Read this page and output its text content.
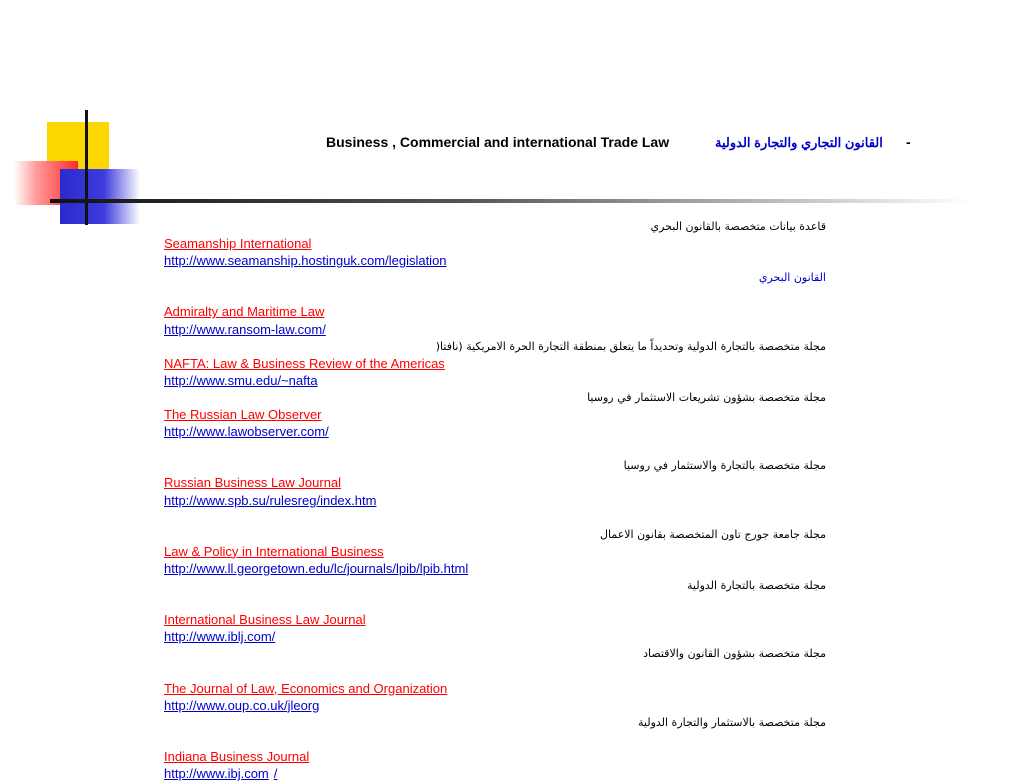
Business , Commercial and international Trade Law	القانون التجاري والتجارة الدولية -
قاعدة بيانات متخصصة بالقانون البحري
Seamanship International
http://www.seamanship.hostinguk.com/legislation
القانون البحري
Admiralty and Maritime Law
http://www.ransom-law.com/
مجلة متخصصة بالتجارة الدولية وتحديداً ما يتعلق بمنطقة التجارة الحرة الامريكية (نافتا(
NAFTA: Law & Business Review of the Americas
http://www.smu.edu/~nafta
مجلة متخصصة بشؤون تشريعات الاستثمار في روسيا
The Russian Law Observer
http://www.lawobserver.com/
مجلة متخصصة بالتجارة والاستثمار في روسيا
Russian Business Law Journal
http://www.spb.su/rulesreg/index.htm
مجلة جامعة جورج تاون المتخصصة بقانون الاعمال
Law & Policy in International Business
http://www.ll.georgetown.edu/lc/journals/lpib/lpib.html
مجلة متخصصة بالتجارة الدولية
International Business Law Journal
http://www.iblj.com/
مجلة متخصصة بشؤون القانون والاقتصاد
The Journal of Law, Economics and Organization
http://www.oup.co.uk/jleorg
مجلة متخصصة بالاستثمار والتجارة الدولية
Indiana Business Journal
http://www.ibj.com /
